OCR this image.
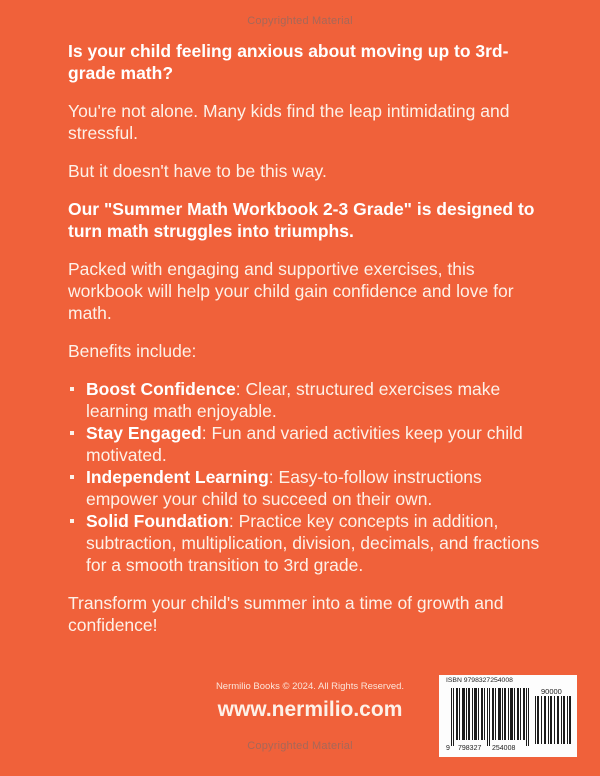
Copyrighted Material

Is your child feeling anxious about moving up to 3rd-grade math?

You're not alone. Many kids find the leap intimidating and stressful.

But it doesn't have to be this way.

Our "Summer Math Workbook 2-3 Grade" is designed to turn math struggles into triumphs.

Packed with engaging and supportive exercises, this workbook will help your child gain confidence and love for math.

Benefits include:

Boost Confidence: Clear, structured exercises make learning math enjoyable.
Stay Engaged: Fun and varied activities keep your child motivated.
Independent Learning: Easy-to-follow instructions empower your child to succeed on their own.
Solid Foundation: Practice key concepts in addition, subtraction, multiplication, division, decimals, and fractions for a smooth transition to 3rd grade.

Transform your child's summer into a time of growth and confidence!

Nermilio Books © 2024. All Rights Reserved.
www.nermilio.com
Copyrighted Material
ISBN 9798327254008
90000
9 798327 254008
